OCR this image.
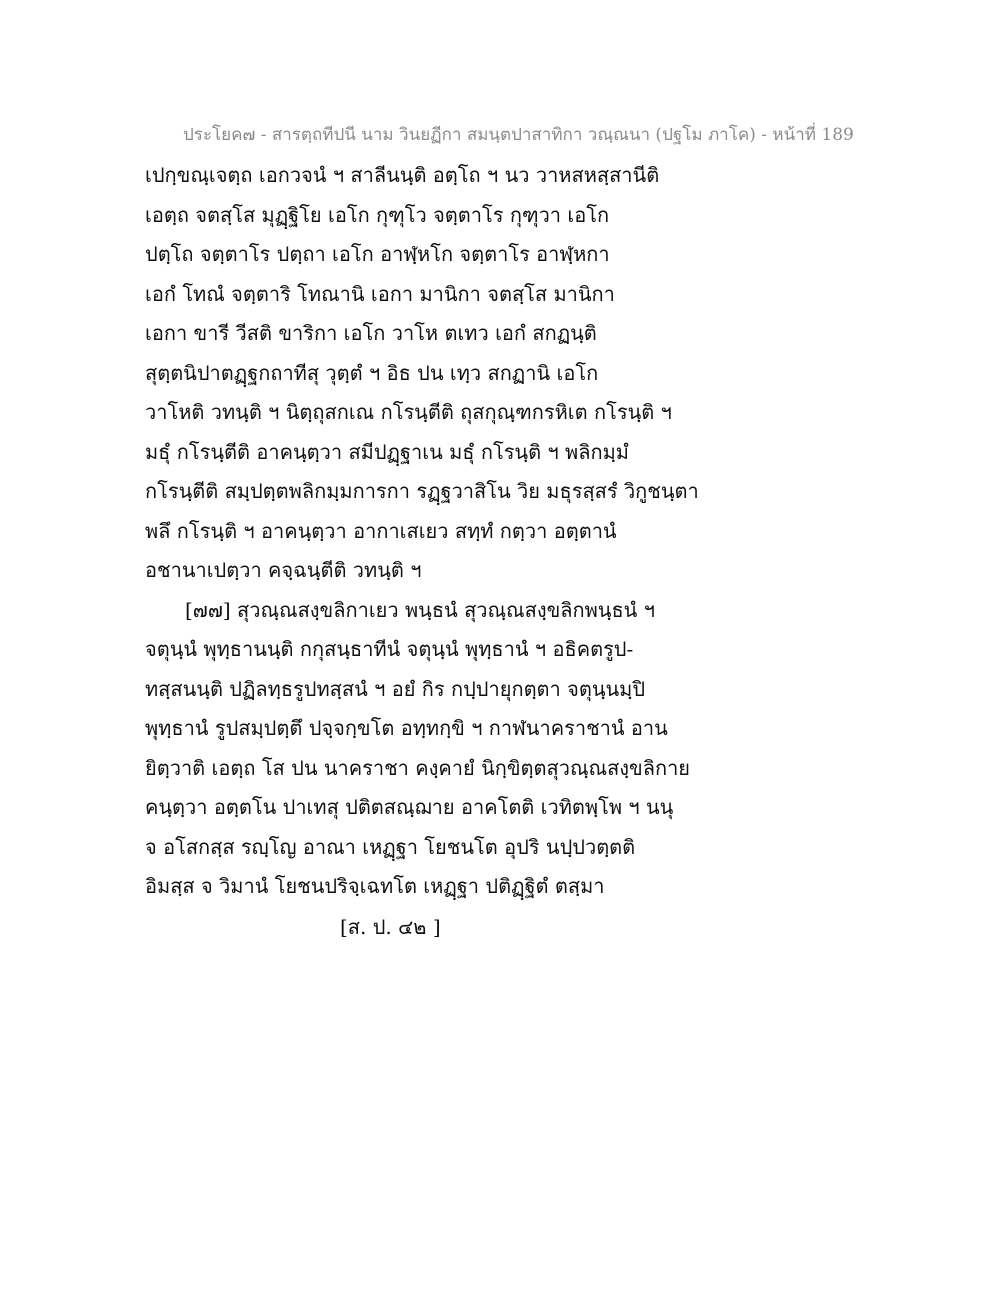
ประโยค๗ - สารตฺถทีปนี นาม วินยฏีกา สมนฺตปาสาทิกา วณฺณนา (ปฐโม ภาโค) - หน้าที่ 189
เปกฺขณฺเจตฺถ เอกวจนํ ฯ สาลีนนฺติ อตฺโถ ฯ นว วาหสหสฺสานีติ
เอตฺถ จตสฺโส มุฏฺฐิโย เอโก กุฑุโว จตฺตาโร กุฑุวา เอโก
ปตฺโถ จตฺตาโร ปตฺถา เอโก อาฬฺหโก จตฺตาโร อาฬฺหกา
เอกํ โทณํ จตฺตาริ โทณานิ เอกา มานิกา จตสฺโส มานิกา
เอกา ขารี วีสติ ขาริกา เอโก วาโห ตเทว เอกํ สกฏนฺติ
สุตฺตนิปาตฏฺฐกถาทีสุ วุตฺตํ ฯ อิธ ปน เทฺว สกฏานิ เอโก
วาโหติ วทนฺติ ฯ นิตฺถุสกเณ กโรนฺตีติ ถุสกุณฺฑกรหิเต กโรนฺติ ฯ
มธุํ กโรนฺตีติ อาคนฺตฺวา สมีปฏฺฐาเน มธุํ กโรนฺติ ฯ พลิกมฺมํ
กโรนฺตีติ สมฺปตฺตพลิกมฺมการกา รฏฺฐวาสิโน วิย มธุรสฺสรํ วิกูชนฺตา
พลึ กโรนฺติ ฯ อาคนฺตฺวา อากาเสเยว สทฺทํ กตฺวา อตฺตานํ
อชานาเปตฺวา คจฺฉนฺตีติ วทนฺติ ฯ
[๗๗] สุวณฺณสงฺขลิกาเยว พนฺธนํ สุวณฺณสงฺขลิกพนฺธนํ ฯ
จตุนฺนํ พุทฺธานนฺติ กกุสนฺธาทีนํ จตุนฺนํ พุทฺธานํ ฯ อธิคตรูป-
ทสฺสนนฺติ ปฏิลทฺธรูปทสฺสนํ ฯ อยํ กิร กปฺปายุกตฺตา จตุนฺนมฺปิ
พุทฺธานํ รูปสมฺปตฺตึ ปจฺจกฺขโต อทฺทกฺขิ ฯ กาฬนาคราชานํ อาน
ยิตฺวาติ เอตฺถ โส ปน นาคราชา คงฺคายํ นิกฺขิตฺตสุวณฺณสงฺขลิกาย
คนฺตฺวา อตฺตโน ปาเทสุ ปติตสณฺฌาย อาคโตติ เวทิตพฺโพ ฯ นนุ
จ อโสกสฺส รญฺโญ อาณา เหฏฺฐา โยชนโต อุปริ นปฺปวตฺตติ
อิมสฺส จ วิมานํ โยชนปริจฺเฉทโต เหฏฺฐา ปติฏฺฐิตํ ตสฺมา
[ส. ป. ๔๒ ]
